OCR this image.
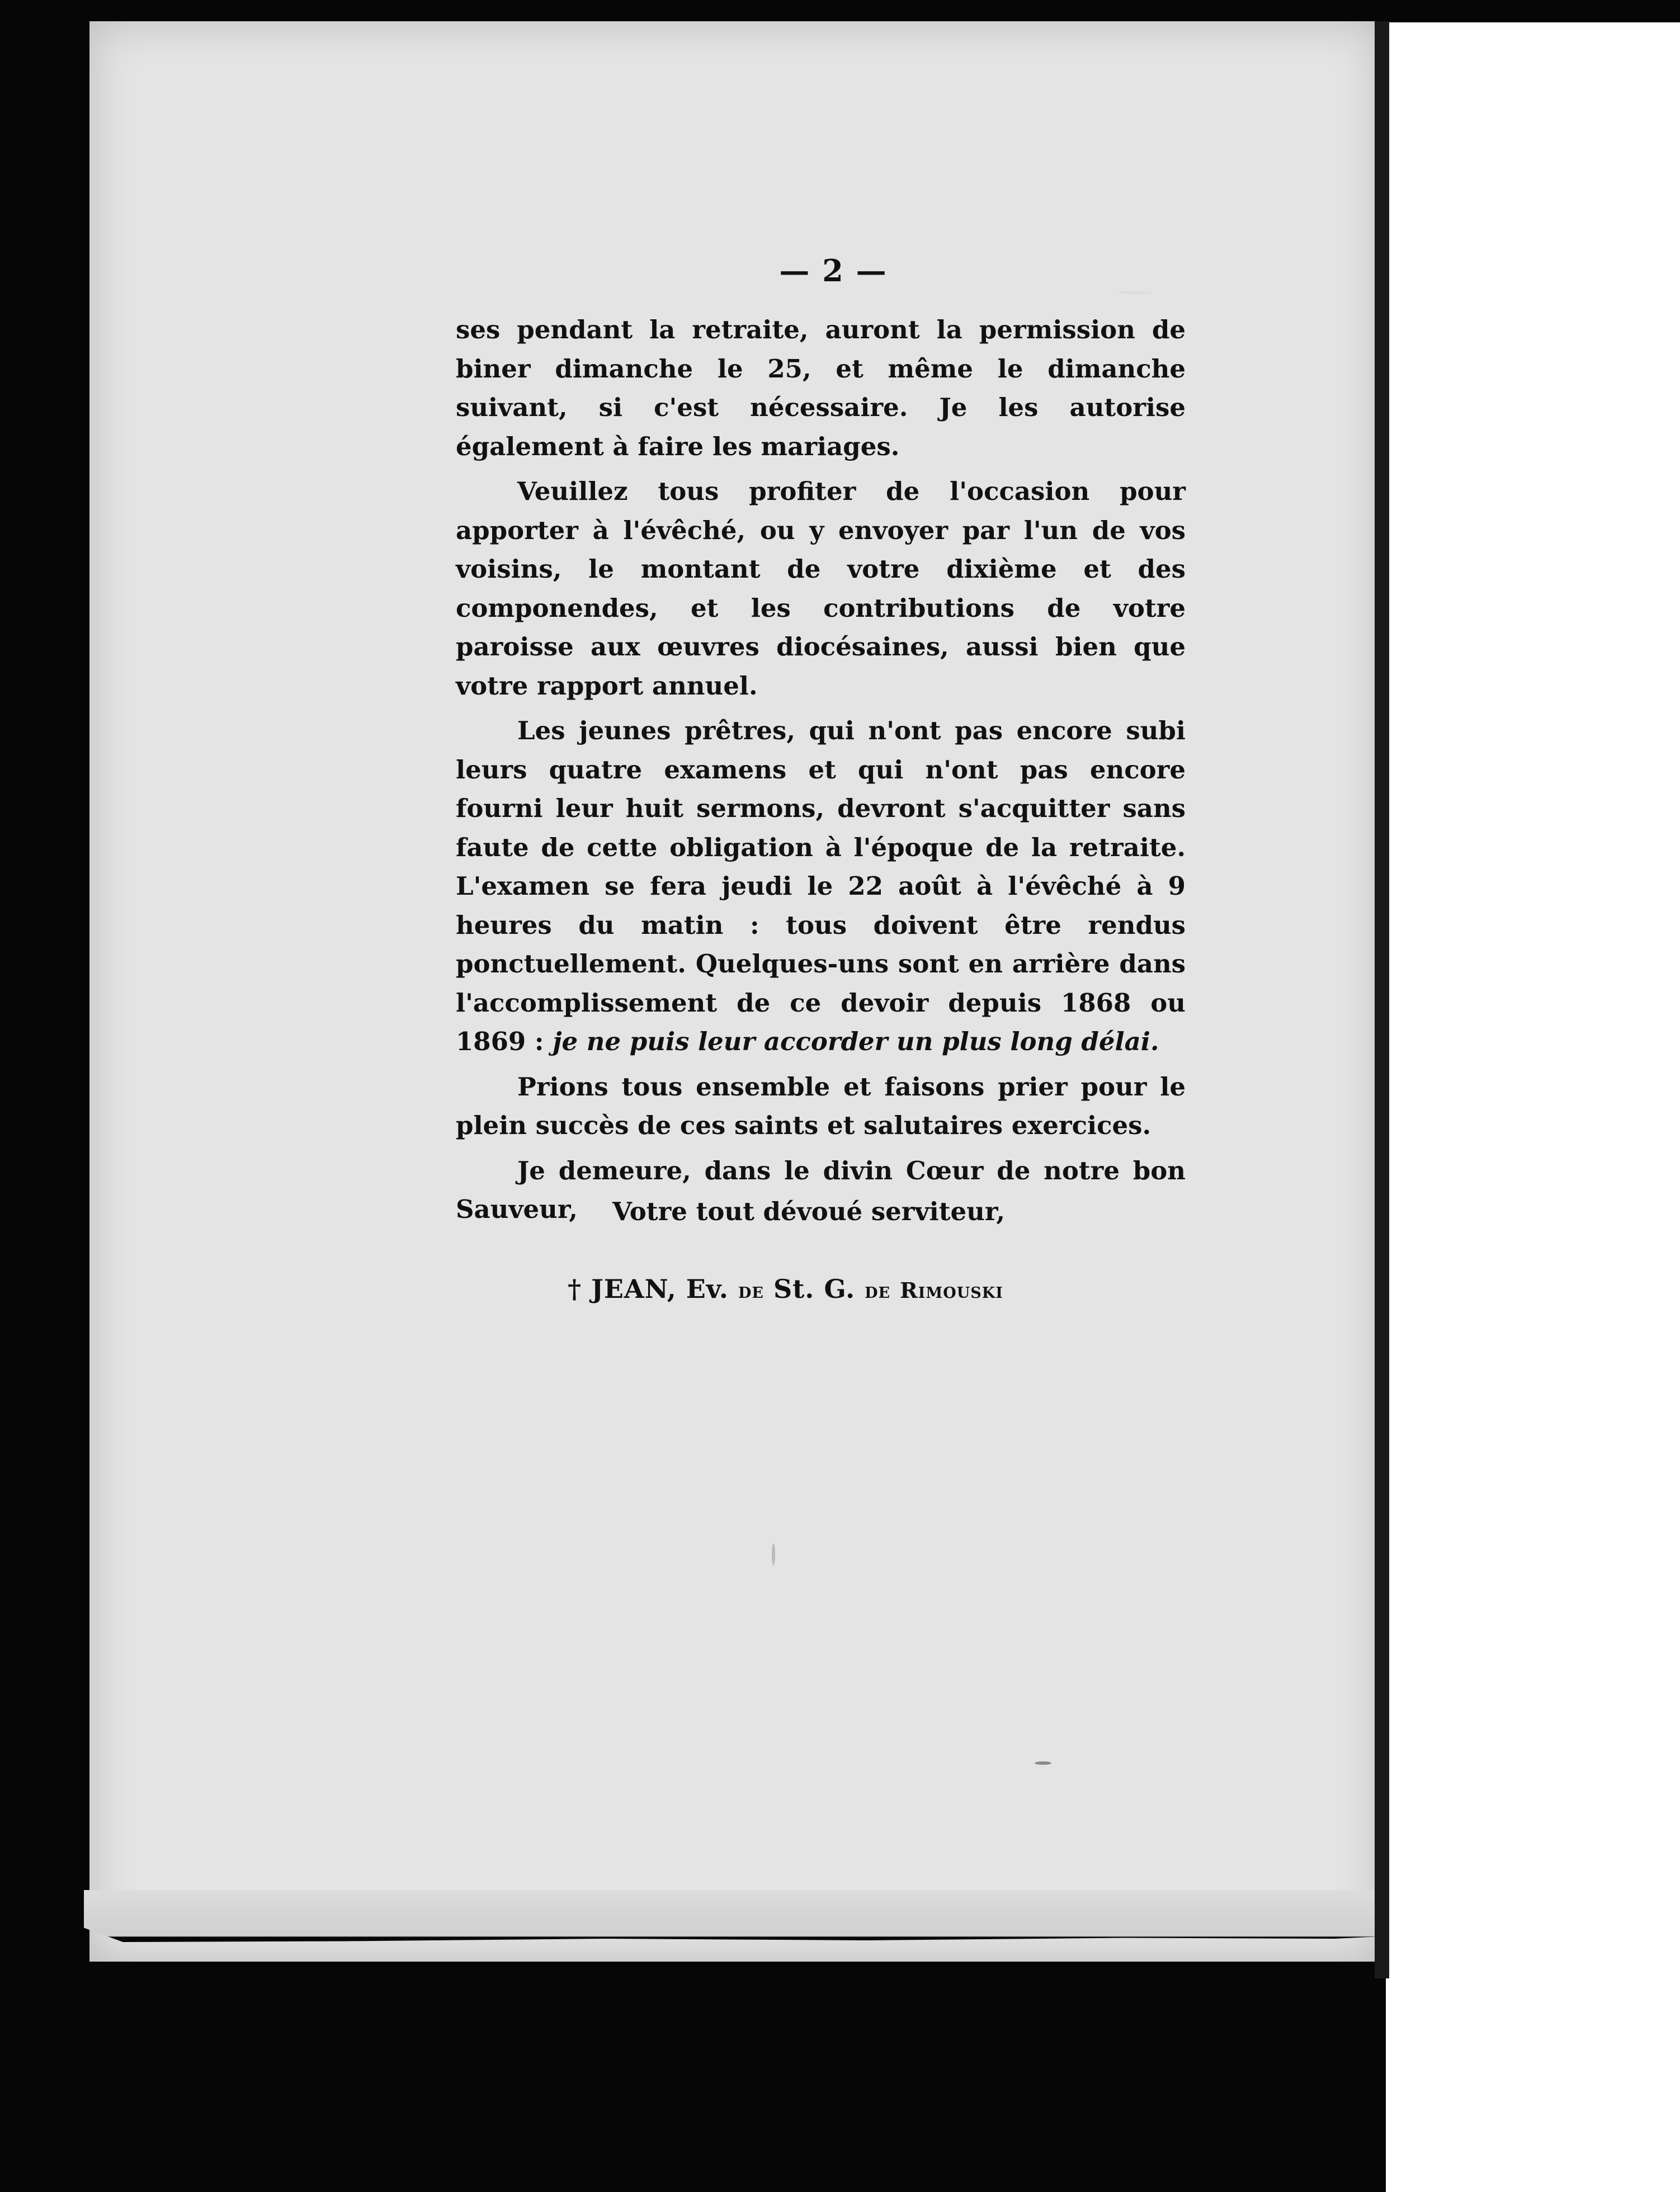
— 2 —

ses pendant la retraite, auront la permission de biner dimanche le 25, et même le dimanche suivant, si c'est nécessaire. Je les autorise également à faire les mariages.

Veuillez tous profiter de l'occasion pour apporter à l'évêché, ou y envoyer par l'un de vos voisins, le montant de votre dixième et des componendes, et les contributions de votre paroisse aux œuvres diocésaines, aussi bien que votre rapport annuel.

Les jeunes prêtres, qui n'ont pas encore subi leurs quatre examens et qui n'ont pas encore fourni leur huit sermons, devront s'acquitter sans faute de cette obligation à l'époque de la retraite. L'examen se fera jeudi le 22 août à l'évêché à 9 heures du matin : tous doivent être rendus ponctuellement. Quelques-uns sont en arrière dans l'accomplissement de ce devoir depuis 1868 ou 1869 : je ne puis leur accorder un plus long délai.

Prions tous ensemble et faisons prier pour le plein succès de ces saints et salutaires exercices.

Je demeure, dans le divin Cœur de notre bon Sauveur,	Votre tout dévoué serviteur,
† JEAN, Ev. de St. G. de Rimouski
